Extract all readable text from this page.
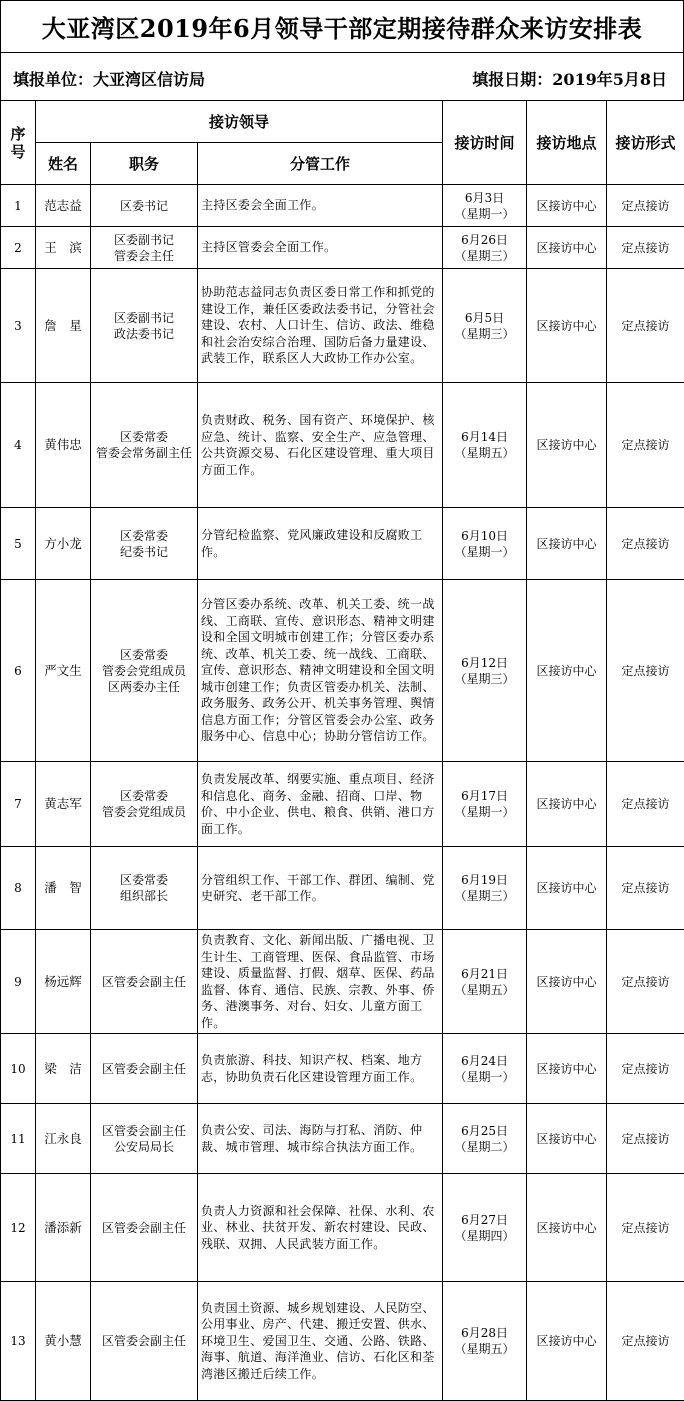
大亚湾区2019年6月领导干部定期接待群众来访安排表
填报单位：大亚湾区信访局	填报日期：2019年5月8日
序号	接访领导			接访时间	接访地点	接访形式
	姓名	职务	分管工作			
1	范志益	区委书记	主持区委会全面工作。	6月3日
（星期一）	区接访中心	定点接访
2	王　滨	区委副书记
管委会主任	主持区管委会全面工作。	6月26日
（星期三）	区接访中心	定点接访
3	詹　星	区委副书记
政法委书记	协助范志益同志负责区委日常工作和抓党的建设工作，兼任区委政法委书记，分管社会建设、农村、人口计生、信访、政法、维稳和社会治安综合治理、国防后备力量建设、武装工作，联系区人大政协工作办公室。	6月5日
（星期三）	区接访中心	定点接访
4	黄伟忠	区委常委
管委会常务副主任	负责财政、税务、国有资产、环境保护、核应急、统计、监察、安全生产、应急管理、公共资源交易、石化区建设管理、重大项目方面工作。	6月14日
（星期五）	区接访中心	定点接访
5	方小龙	区委常委
纪委书记	分管纪检监察、党风廉政建设和反腐败工作。	6月10日
（星期一）	区接访中心	定点接访
6	严文生	区委常委
管委会党组成员
区两委办主任	分管区委办系统、改革、机关工委、统一战线、工商联、宣传、意识形态、精神文明建设和全国文明城市创建工作；分管区委办系统、改革、机关工委、统一战线、工商联、宣传、意识形态、精神文明建设和全国文明城市创建工作；负责区管委办机关、法制、政务服务、政务公开、机关事务管理、舆情信息方面工作；分管区管委会办公室、政务服务中心、信息中心；协助分管信访工作。	6月12日
（星期三）	区接访中心	定点接访
7	黄志军	区委常委
管委会党组成员	负责发展改革、纲要实施、重点项目、经济和信息化、商务、金融、招商、口岸、物价、中小企业、供电、粮食、供销、港口方面工作。	6月17日
（星期一）	区接访中心	定点接访
8	潘　智	区委常委
组织部长	分管组织工作、干部工作、群团、编制、党史研究、老干部工作。	6月19日
（星期三）	区接访中心	定点接访
9	杨远辉	区管委会副主任	负责教育、文化、新闻出版、广播电视、卫生计生、工商管理、医保、食品监管、市场建设、质量监督、打假、烟草、医保、药品监督、体育、通信、民族、宗教、外事、侨务、港澳事务、对台、妇女、儿童方面工作。	6月21日
（星期五）	区接访中心	定点接访
10	梁　洁	区管委会副主任	负责旅游、科技、知识产权、档案、地方志，协助负责石化区建设管理方面工作。	6月24日
（星期一）	区接访中心	定点接访
11	江永良	区管委会副主任
公安局局长	负责公安、司法、海防与打私、消防、仲裁、城市管理、城市综合执法方面工作。	6月25日
（星期二）	区接访中心	定点接访
12	潘添新	区管委会副主任	负责人力资源和社会保障、社保、水利、农业、林业、扶贫开发、新农村建设、民政、残联、双拥、人民武装方面工作。	6月27日
（星期四）	区接访中心	定点接访
13	黄小慧	区管委会副主任	负责国土资源、城乡规划建设、人民防空、公用事业、房产、代建、搬迁安置、供水、环境卫生、爱国卫生、交通、公路、铁路、海事、航道、海洋渔业、信访、石化区和荃湾港区搬迁后续工作。	6月28日
（星期五）	区接访中心	定点接访
